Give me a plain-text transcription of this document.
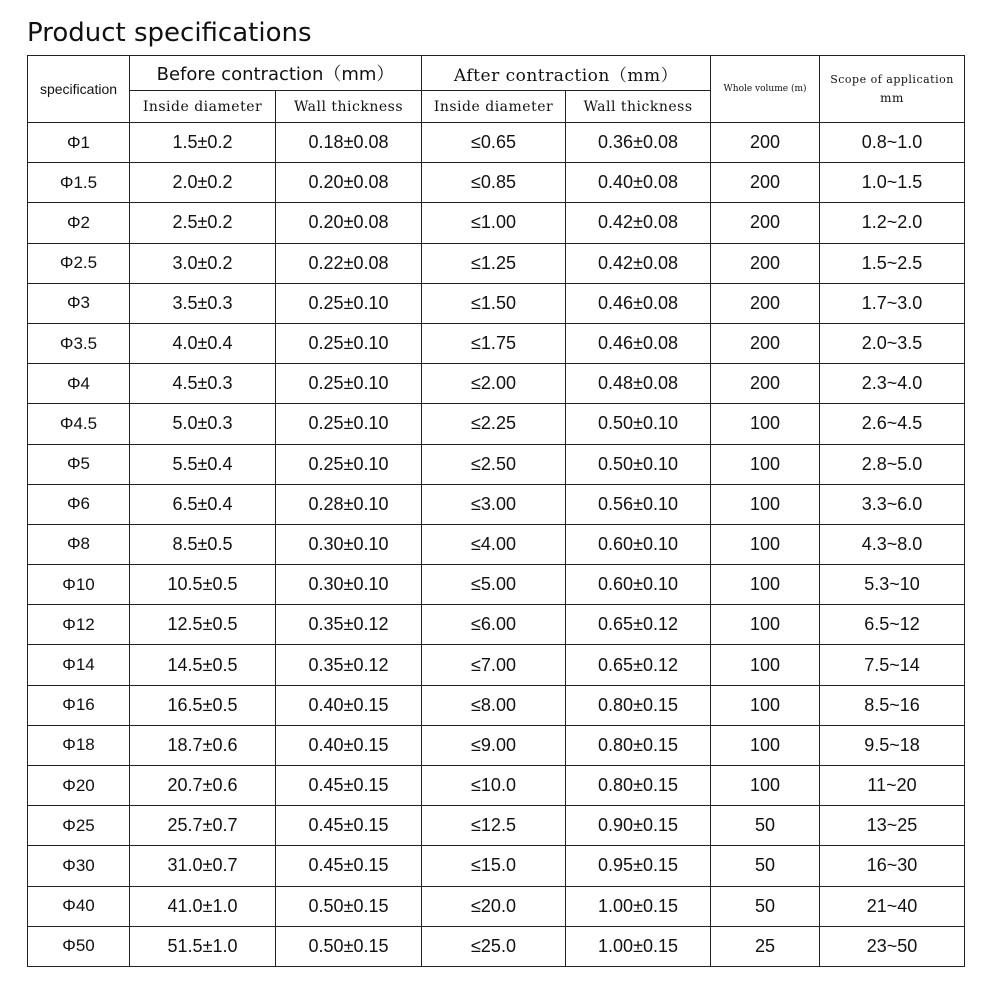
Product specifications
specification	Before contraction（mm）		After contraction（mm）		Whole volume (m)	Scope of application
mm

	Inside diameter	Wall thickness	Inside diameter	Wall thickness		
Φ1	1.5±0.2	0.18±0.08	≤0.65	0.36±0.08	200	0.8~1.0
Φ1.5	2.0±0.2	0.20±0.08	≤0.85	0.40±0.08	200	1.0~1.5
Φ2	2.5±0.2	0.20±0.08	≤1.00	0.42±0.08	200	1.2~2.0
Φ2.5	3.0±0.2	0.22±0.08	≤1.25	0.42±0.08	200	1.5~2.5
Φ3	3.5±0.3	0.25±0.10	≤1.50	0.46±0.08	200	1.7~3.0
Φ3.5	4.0±0.4	0.25±0.10	≤1.75	0.46±0.08	200	2.0~3.5
Φ4	4.5±0.3	0.25±0.10	≤2.00	0.48±0.08	200	2.3~4.0
Φ4.5	5.0±0.3	0.25±0.10	≤2.25	0.50±0.10	100	2.6~4.5
Φ5	5.5±0.4	0.25±0.10	≤2.50	0.50±0.10	100	2.8~5.0
Φ6	6.5±0.4	0.28±0.10	≤3.00	0.56±0.10	100	3.3~6.0
Φ8	8.5±0.5	0.30±0.10	≤4.00	0.60±0.10	100	4.3~8.0
Φ10	10.5±0.5	0.30±0.10	≤5.00	0.60±0.10	100	5.3~10
Φ12	12.5±0.5	0.35±0.12	≤6.00	0.65±0.12	100	6.5~12
Φ14	14.5±0.5	0.35±0.12	≤7.00	0.65±0.12	100	7.5~14
Φ16	16.5±0.5	0.40±0.15	≤8.00	0.80±0.15	100	8.5~16
Φ18	18.7±0.6	0.40±0.15	≤9.00	0.80±0.15	100	9.5~18
Φ20	20.7±0.6	0.45±0.15	≤10.0	0.80±0.15	100	11~20
Φ25	25.7±0.7	0.45±0.15	≤12.5	0.90±0.15	50	13~25
Φ30	31.0±0.7	0.45±0.15	≤15.0	0.95±0.15	50	16~30
Φ40	41.0±1.0	0.50±0.15	≤20.0	1.00±0.15	50	21~40
Φ50	51.5±1.0	0.50±0.15	≤25.0	1.00±0.15	25	23~50
